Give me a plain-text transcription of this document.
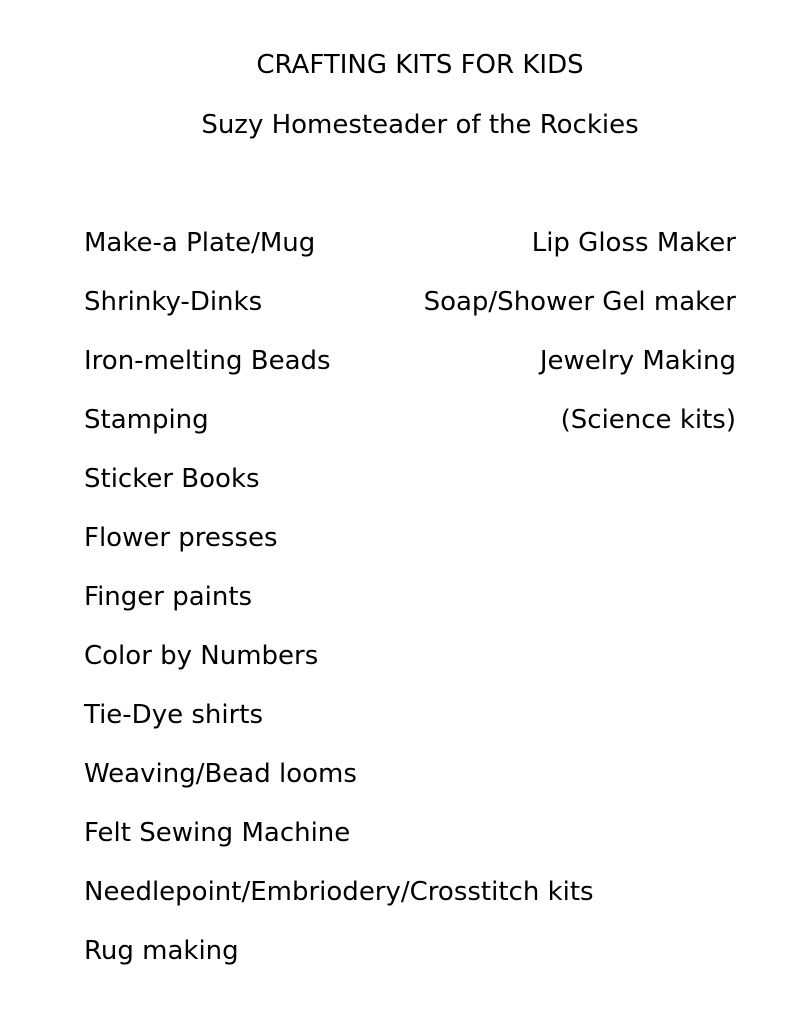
CRAFTING KITS FOR KIDS
Suzy Homesteader of the Rockies
Make-a Plate/Mug
Shrinky-Dinks
Iron-melting Beads
Stamping
Sticker Books
Flower presses
Finger paints
Color by Numbers
Tie-Dye shirts
Weaving/Bead looms
Felt Sewing Machine
Needlepoint/Embriodery/Crosstitch kits
Rug making
Lip Gloss Maker
Soap/Shower Gel maker
Jewelry Making
(Science kits)
